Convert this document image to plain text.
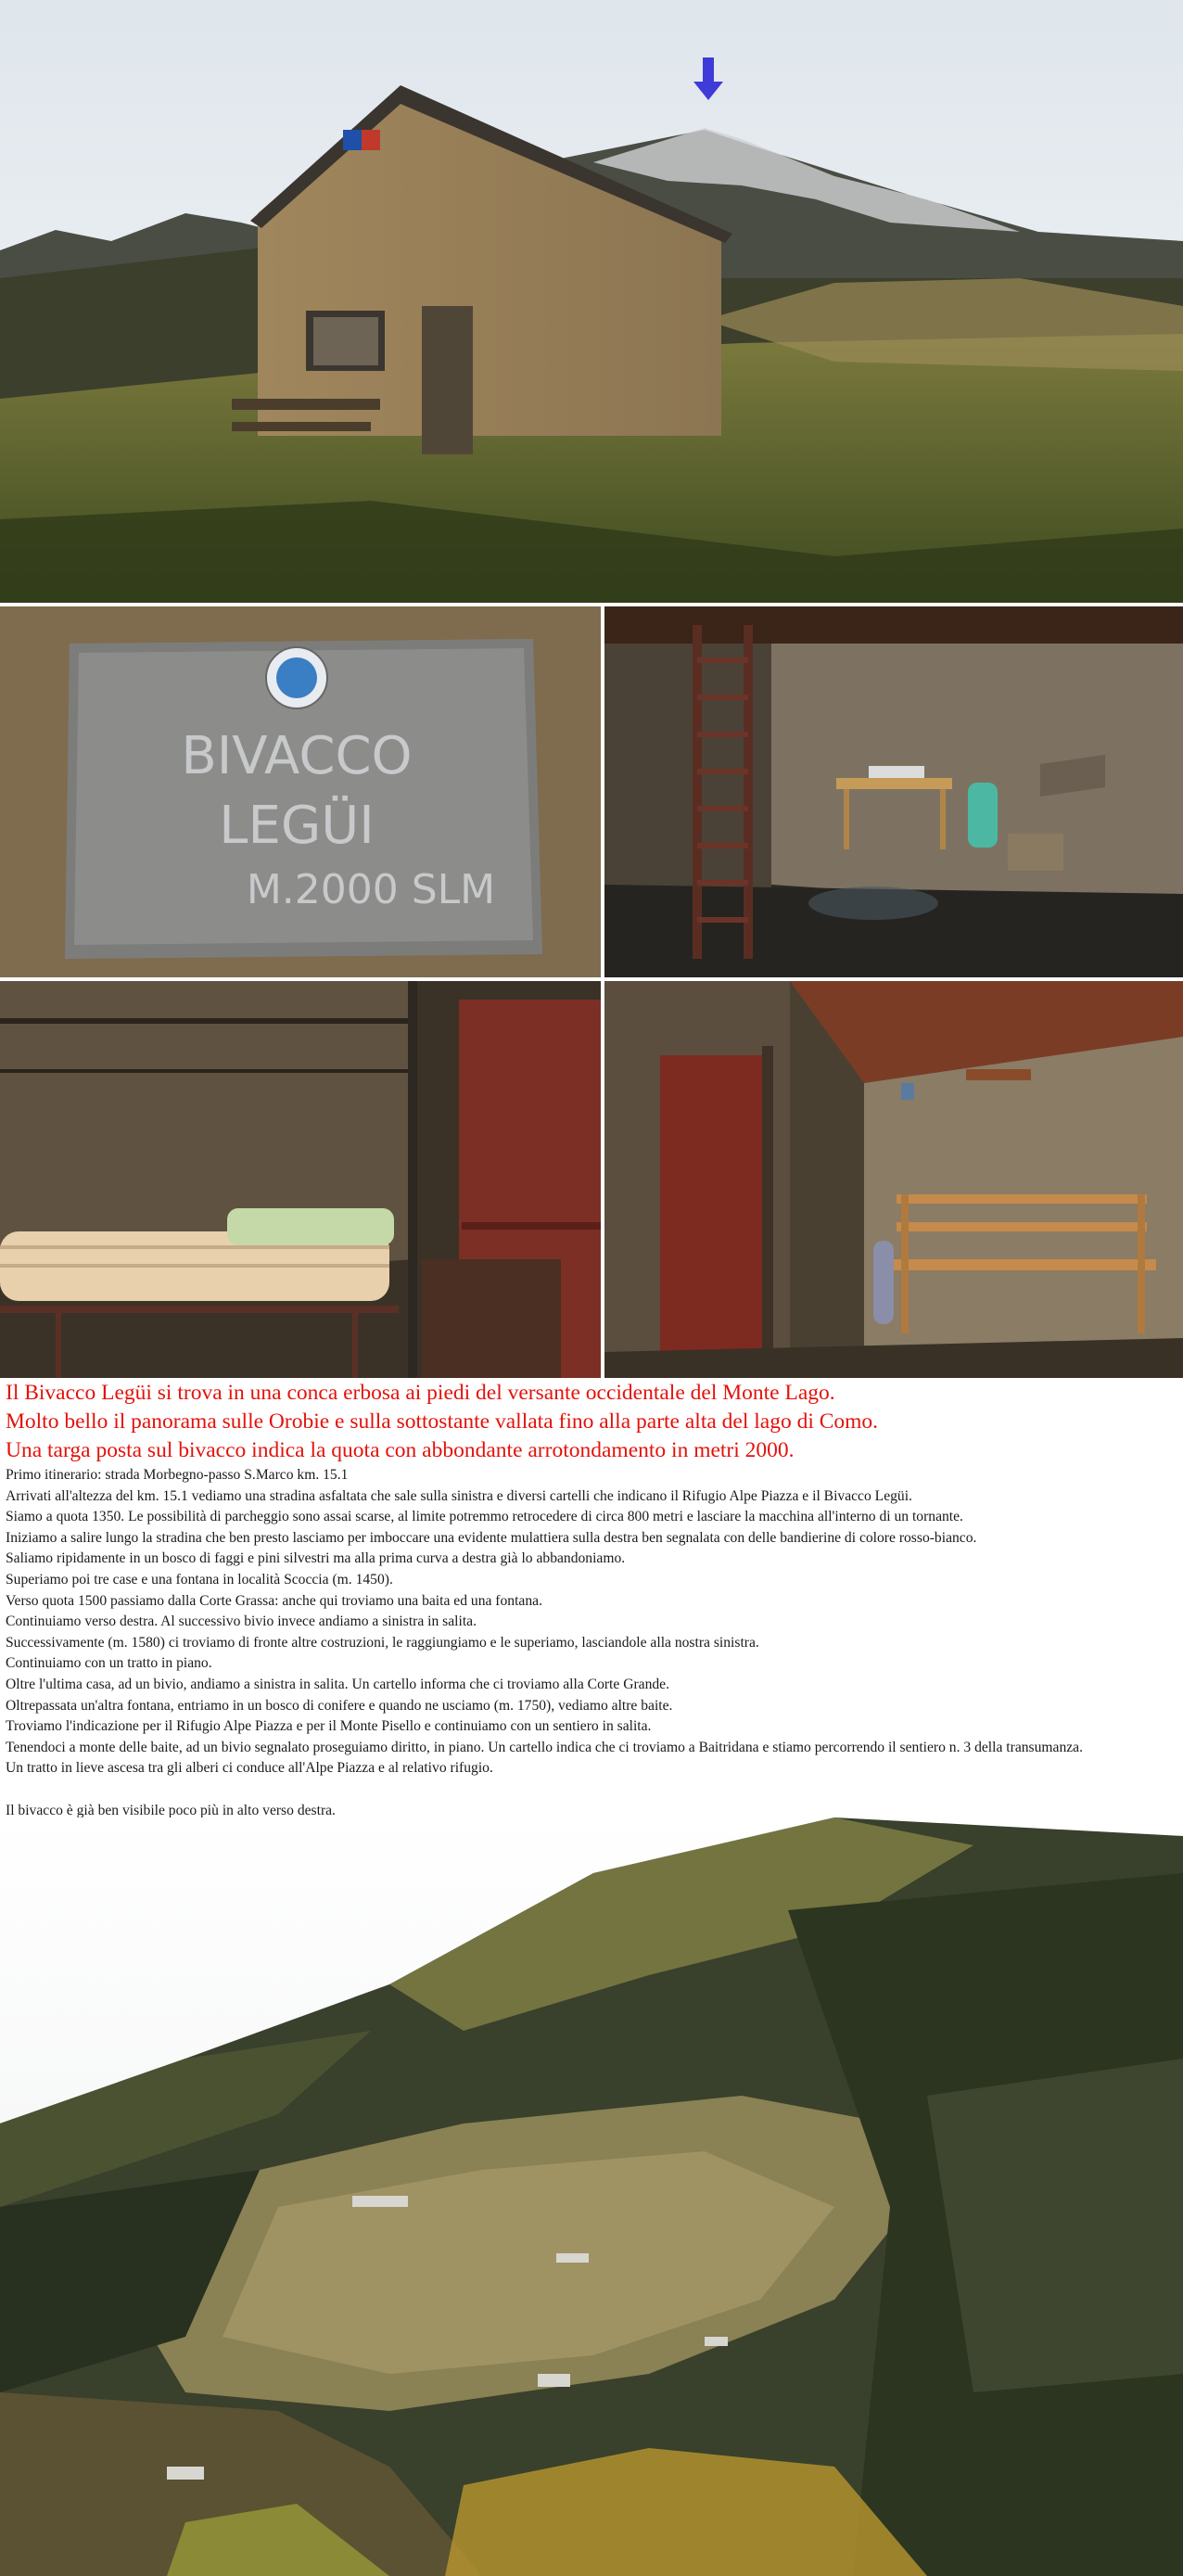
BIVACCO
LEGÜI
M.2000 SLM

Il Bivacco Legüi si trova in una conca erbosa ai piedi del versante occidentale del Monte Lago.

Molto bello il panorama sulle Orobie e sulla sottostante vallata fino alla parte alta del lago di Como.

Una targa posta sul bivacco indica la quota con abbondante arrotondamento in metri 2000.

Primo itinerario: strada Morbegno-passo S.Marco km. 15.1

Arrivati all'altezza del km. 15.1 vediamo una stradina asfaltata che sale sulla sinistra e diversi cartelli che indicano il Rifugio Alpe Piazza e il Bivacco Legüi.

Siamo a quota 1350. Le possibilità di parcheggio sono assai scarse, al limite potremmo retrocedere di circa 800 metri e lasciare la macchina all'interno di un tornante.

Iniziamo a salire lungo la stradina che ben presto lasciamo per imboccare una evidente mulattiera sulla destra ben segnalata con delle bandierine di colore rosso-bianco.

Saliamo ripidamente in un bosco di faggi e pini silvestri ma alla prima curva a destra già lo abbandoniamo.

Superiamo poi tre case e una fontana in località Scoccia (m. 1450).

Verso quota 1500 passiamo dalla Corte Grassa: anche qui troviamo una baita ed una fontana.

Continuiamo verso destra. Al successivo bivio invece andiamo a sinistra in salita.

Successivamente (m. 1580) ci troviamo di fronte altre costruzioni, le raggiungiamo e le superiamo, lasciandole alla nostra sinistra.

Continuiamo con un tratto in piano.

Oltre l'ultima casa, ad un bivio, andiamo a sinistra in salita. Un cartello informa che ci troviamo alla Corte Grande.

Oltrepassata un'altra fontana, entriamo in un bosco di conifere e quando ne usciamo (m. 1750), vediamo altre baite.

Troviamo l'indicazione per il Rifugio Alpe Piazza e per il Monte Pisello e continuiamo con un sentiero in salita.

Tenendoci a monte delle baite, ad un bivio segnalato proseguiamo diritto, in piano. Un cartello indica che ci troviamo a Baitridana e stiamo percorrendo il sentiero n. 3 della transumanza.

Un tratto in lieve ascesa tra gli alberi ci conduce all'Alpe Piazza e al relativo rifugio.

Il bivacco è già ben visibile poco più in alto verso destra.
